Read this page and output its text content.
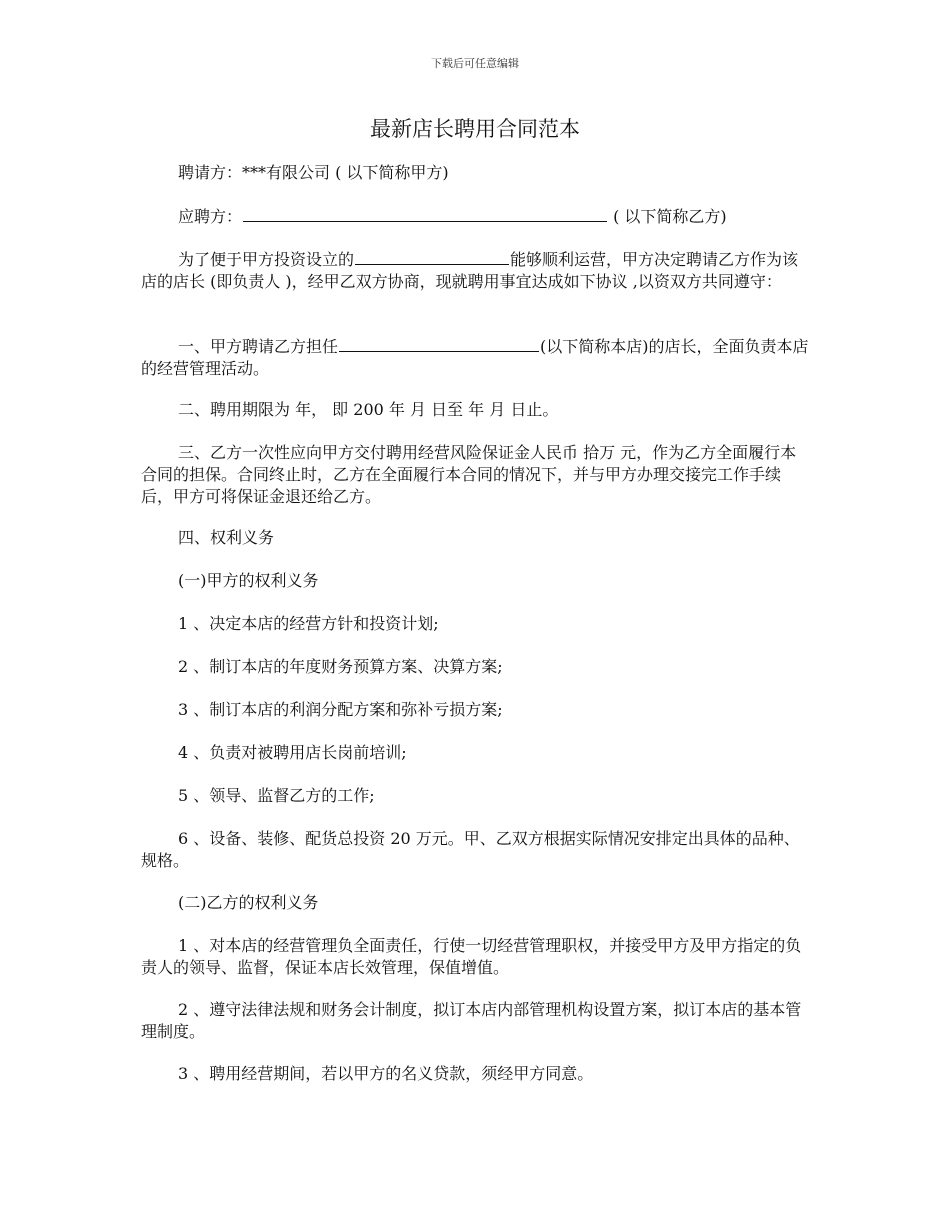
下载后可任意编辑
最新店长聘用合同范本
聘请方：***有限公司 ( 以下简称甲方)
应聘方：	( 以下简称乙方)
为了便于甲方投资设立的	能够顺利运营，甲方决定聘请乙方作为该店的店长 (即负责人 )，经甲乙双方协商，现就聘用事宜达成如下协议 ,以资双方共同遵守：
一、甲方聘请乙方担任	(以下简称本店)的店长，全面负责本店的经营管理活动。
二、聘用期限为 年， 即 200 年 月 日至 年 月 日止。
三、乙方一次性应向甲方交付聘用经营风险保证金人民币 拾万 元，作为乙方全面履行本合同的担保。合同终止时，乙方在全面履行本合同的情况下，并与甲方办理交接完工作手续后，甲方可将保证金退还给乙方。
四、权利义务
(一)甲方的权利义务
1 、决定本店的经营方针和投资计划;
2 、制订本店的年度财务预算方案、决算方案;
3 、制订本店的利润分配方案和弥补亏损方案;
4 、负责对被聘用店长岗前培训;
5 、领导、监督乙方的工作;
6 、设备、装修、配货总投资 20 万元。甲、乙双方根据实际情况安排定出具体的品种、规格。
(二)乙方的权利义务
1 、对本店的经营管理负全面责任，行使一切经营管理职权，并接受甲方及甲方指定的负责人的领导、监督，保证本店长效管理，保值增值。
2 、遵守法律法规和财务会计制度，拟订本店内部管理机构设置方案，拟订本店的基本管理制度。
3 、聘用经营期间，若以甲方的名义贷款，须经甲方同意。
